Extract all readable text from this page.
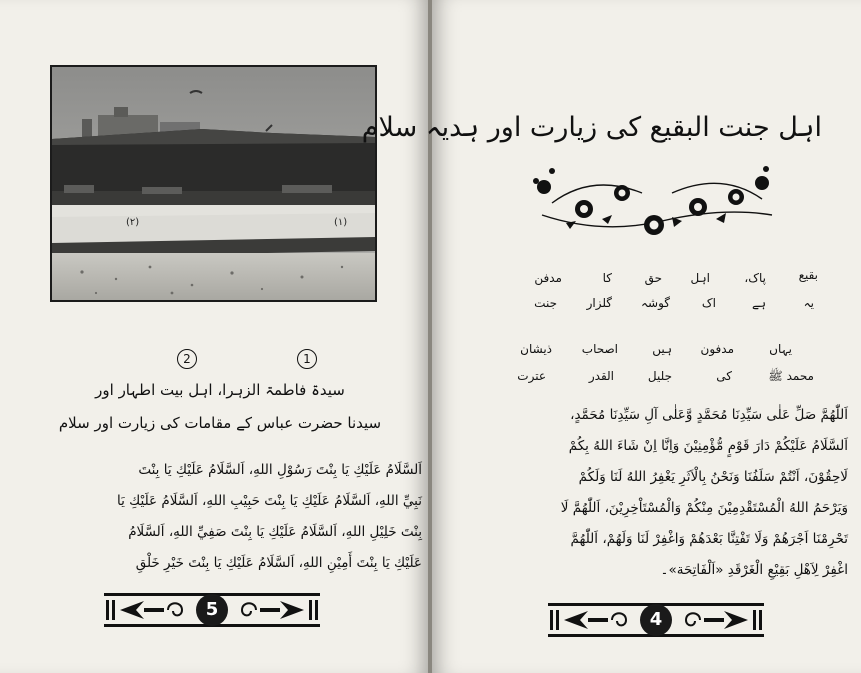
(۲)	(۱)
2	1
سیدۃ فاطمۃ الزہرا، اہل بیت اطہار اور
سیدنا حضرت عباس کے مقامات کی زیارت اور سلام
اَلسَّلَامُ عَلَيْكِ يَا بِنْتَ رَسُوْلِ اللهِ، اَلسَّلَامُ عَلَيْكِ يَا بِنْتَ
نَبِيِّ اللهِ، اَلسَّلَامُ عَلَيْكِ يَا بِنْتَ حَبِيْبِ اللهِ، اَلسَّلَامُ عَلَيْكِ يَا
بِنْتَ خَلِيْلِ اللهِ، اَلسَّلَامُ عَلَيْكِ يَا بِنْتَ صَفِيِّ اللهِ، اَلسَّلَامُ
عَلَيْكِ يَا بِنْتَ أَمِيْنِ اللهِ، اَلسَّلَامُ عَلَيْكِ يَا بِنْتَ خَيْرِ خَلْقِ
5
اہل جنت البقیع کی زیارت اور ہدیہ سلام
بقیع
پاک،
اہل
حق
کا
مدفن
یہ
ہے
اک
گوشہ
گلزار
جنت
یہاں
مدفون
ہیں
اصحاب
ذیشان
محمد ﷺ
کی
جلیل
القدر
عترت
اَللّٰهُمَّ صَلِّ عَلٰى سَيِّدِنَا مُحَمَّدٍ وَّعَلٰى آلِ سَيِّدِنَا مُحَمَّدٍ،
اَلسَّلَامُ عَلَيْكُمْ دَارَ قَوْمٍ مُّؤْمِنِيْنَ وَاِنَّا اِنْ شَاءَ اللهُ بِكُمْ
لَاحِقُوْنَ، اَنْتُمْ سَلَفُنَا وَنَحْنُ بِالْاَثَرِ يَغْفِرُ اللهُ لَنَا وَلَكُمْ
وَيَرْحَمُ اللهُ الْمُسْتَقْدِمِيْنَ مِنْكُمْ وَالْمُسْتَاْخِرِيْنَ، اَللّٰهُمَّ لَا
تَحْرِمْنَا اَجْرَهُمْ وَلَا تَفْتِنَّا بَعْدَهُمْ وَاغْفِرْ لَنَا وَلَهُمْ، اَللّٰهُمَّ
اغْفِرْ لِاَهْلِ بَقِيْعِ الْغَرْقَدِ «اَلْفَاتِحَة»۔
4
